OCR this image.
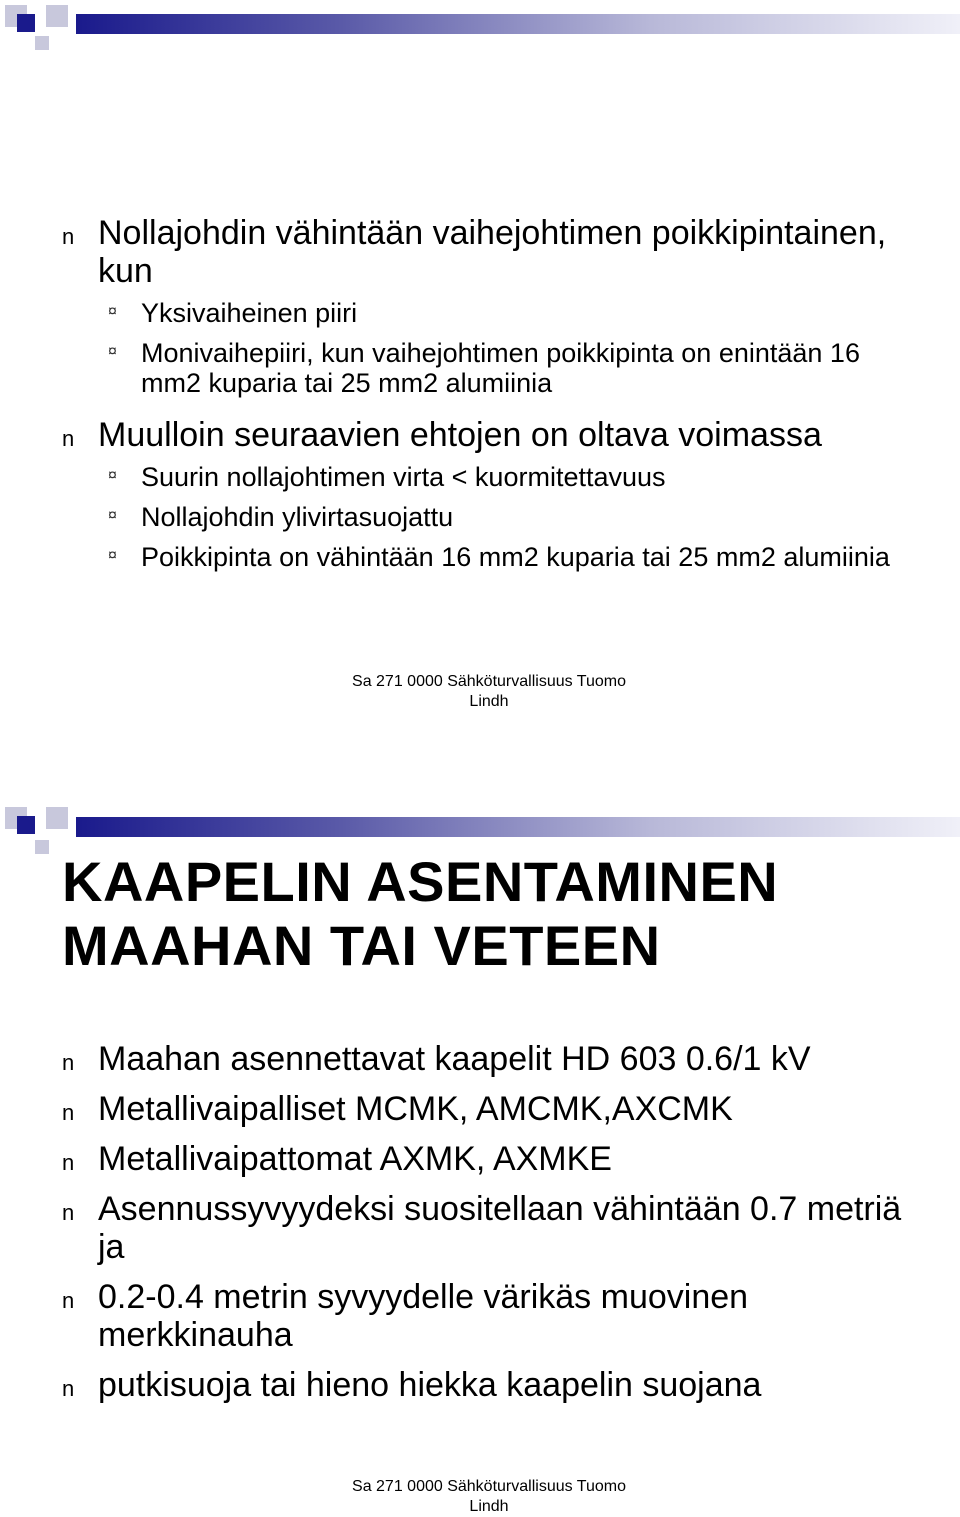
n Nollajohdin vähintään vaihejohtimen poikkipintainen, kun
¤ Yksivaiheinen piiri
¤ Monivaihepiiri, kun vaihejohtimen poikkipinta on enintään 16 mm2 kuparia tai 25 mm2 alumiinia
n Muulloin seuraavien ehtojen on oltava voimassa
¤ Suurin nollajohtimen virta < kuormitettavuus
¤ Nollajohdin ylivirtasuojattu
¤ Poikkipinta on vähintään 16 mm2 kuparia tai 25 mm2 alumiinia
Sa 271 0000 Sähköturvallisuus Tuomo
Lindh
KAAPELIN ASENTAMINEN
MAAHAN TAI VETEEN
n Maahan asennettavat kaapelit HD 603 0.6/1 kV
n Metallivaipalliset MCMK, AMCMK,AXCMK
n Metallivaipattomat AXMK, AXMKE
n Asennussyvyydeksi suositellaan vähintään 0.7 metriä ja
n 0.2-0.4 metrin syvyydelle värikäs muovinen merkkinauha
n putkisuoja tai hieno hiekka kaapelin suojana
Sa 271 0000 Sähköturvallisuus Tuomo
Lindh
